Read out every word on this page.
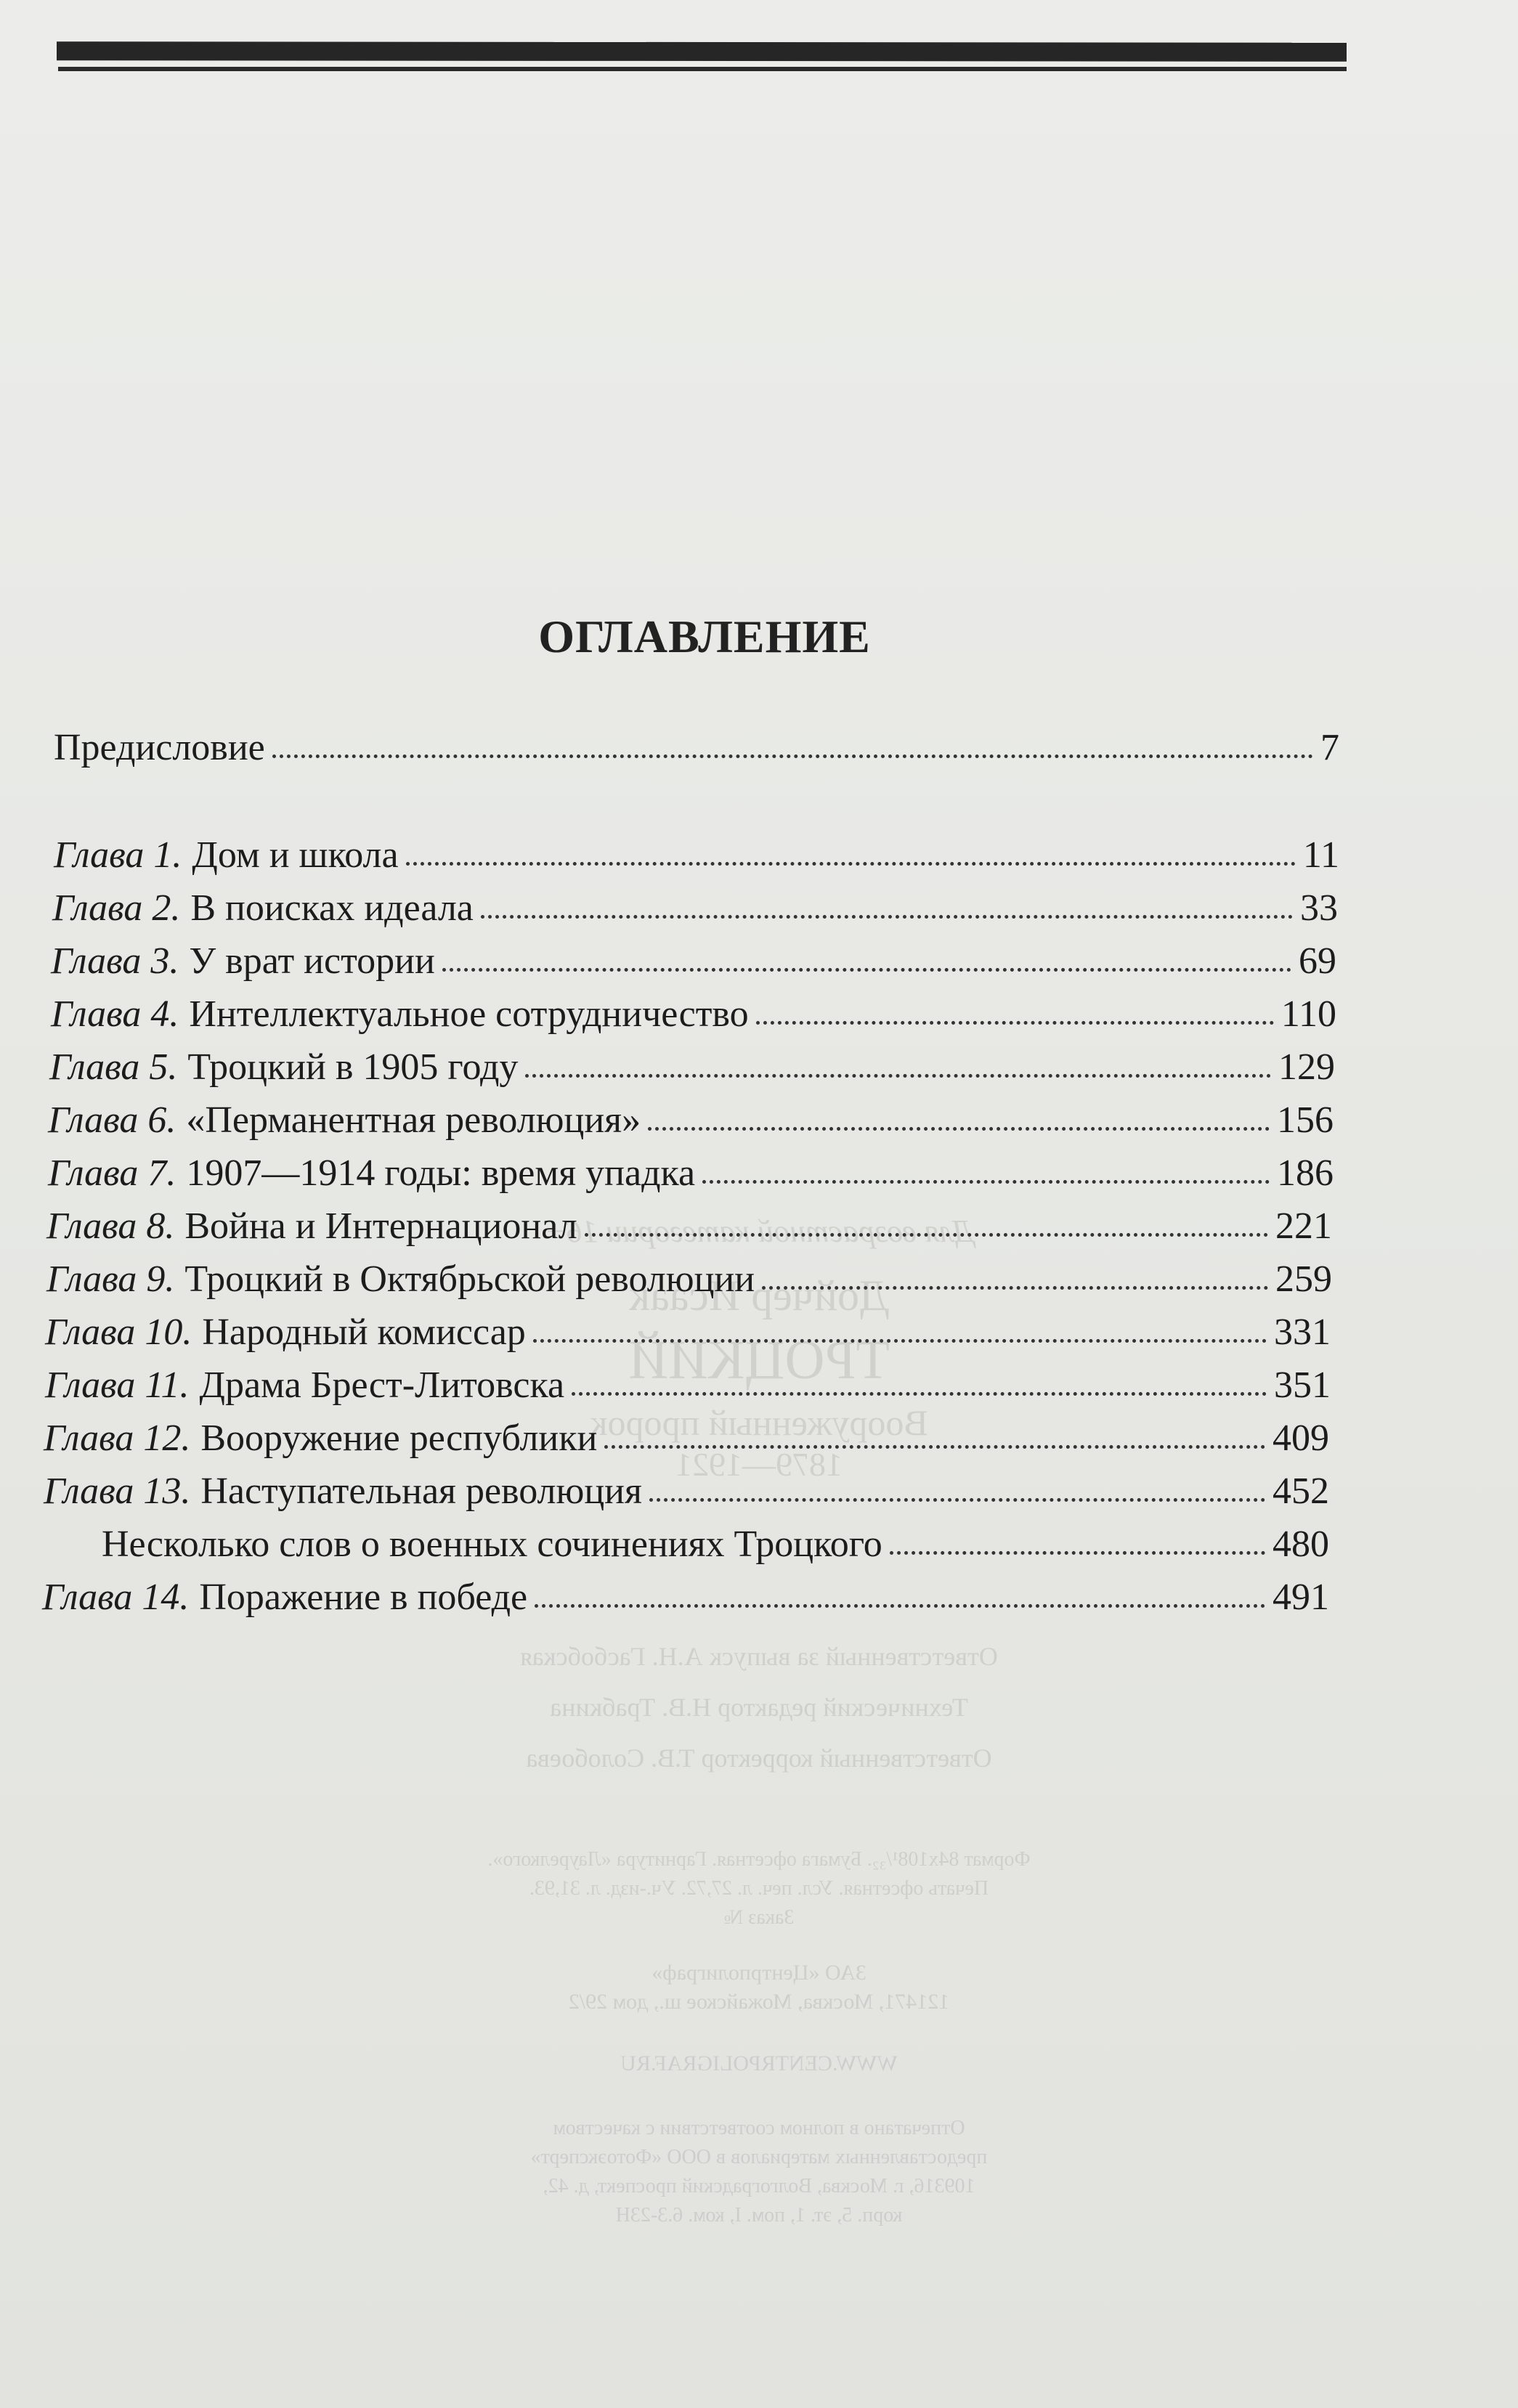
Для возрастной категории 16+
Дойчер Исаак
ТРОЦКИЙ
Вооруженный пророк
1879—1921
Ответственный за выпуск А.Н. Гасбобская
Технический редактор Н.В. Трабкина
Ответственный корректор Т.В. Солобоева
Формат 84х108¹/₃₂. Бумага офсетная. Гарнитура «Лаурелкого».
Печать офсетная. Усл. печ. л. 27,72. Уч.-изд. л. 31,93.
Заказ №
ЗАО «Центрполиграф»
121471, Москва, Можайское ш., дом 29/2
WWW.CENTRPOLIGRAF.RU
Отпечатано в полном соответствии с качеством
предоставленных материалов в ООО «Фотоэксперт»
109316, г. Москва, Волгоградский проспект, д. 42,
корп. 5, эт. 1, пом. I, ком. 6.3-23Н
ОГЛАВЛЕНИЕ
Предисловие	7
Глава 1. Дом и школа	11
Глава 2. В поисках идеала	33
Глава 3. У врат истории	69
Глава 4. Интеллектуальное сотрудничество	110
Глава 5. Троцкий в 1905 году	129
Глава 6. «Перманентная революция»	156
Глава 7. 1907—1914 годы: время упадка	186
Глава 8. Война и Интернационал	221
Глава 9. Троцкий в Октябрьской революции	259
Глава 10. Народный комиссар	331
Глава 11. Драма Брест-Литовска	351
Глава 12. Вооружение республики	409
Глава 13. Наступательная революция	452
Несколько слов о военных сочинениях Троцкого	480
Глава 14. Поражение в победе	491
